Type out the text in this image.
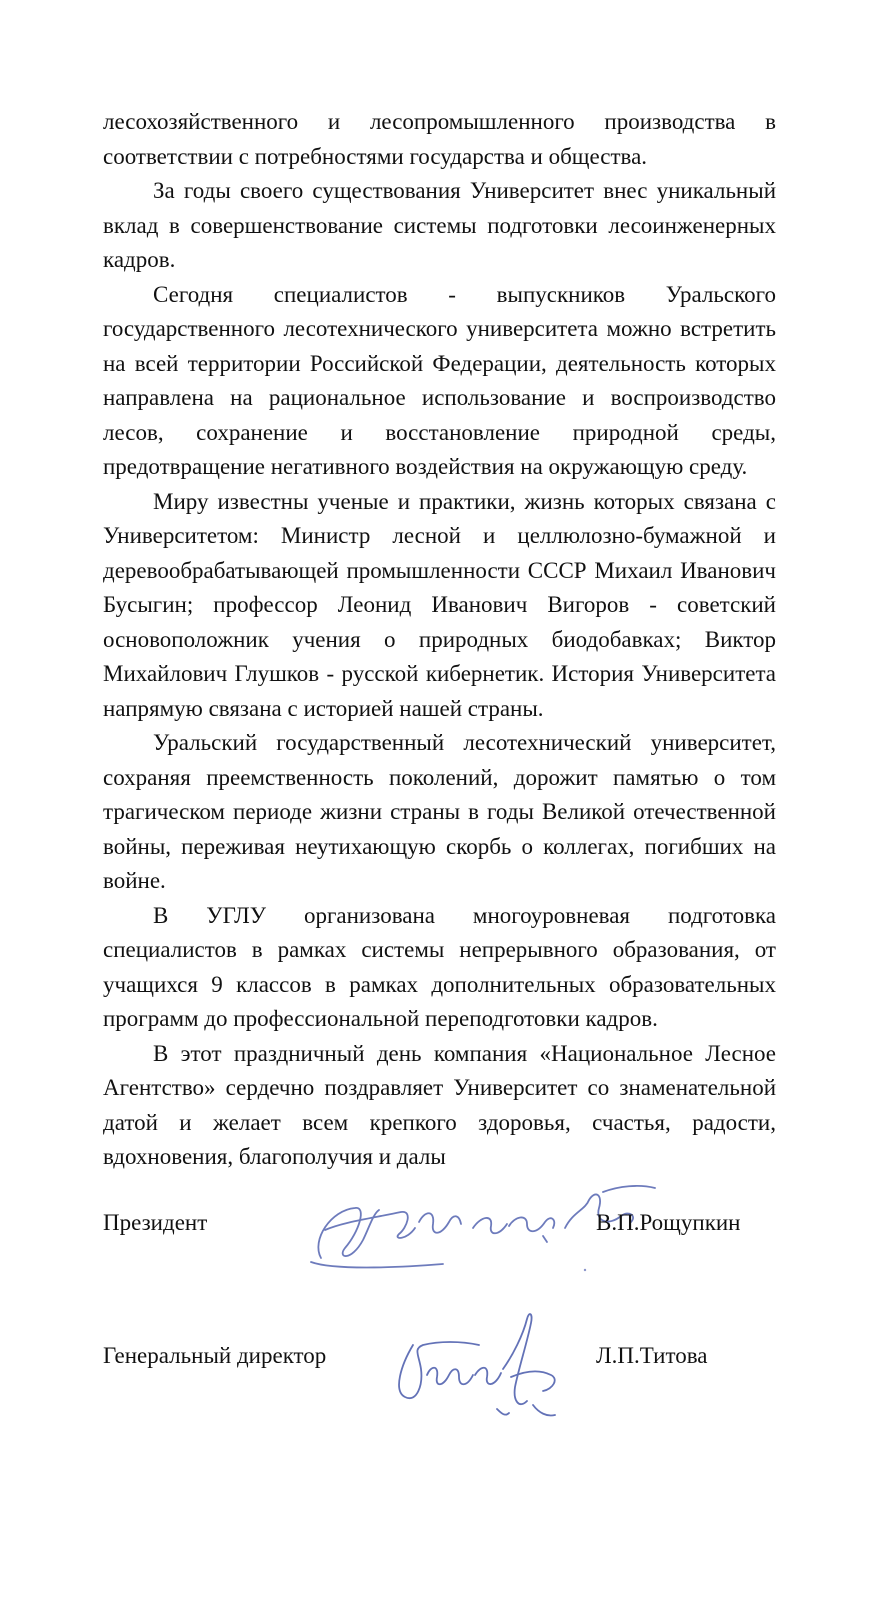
лесохозяйственного и лесопромышленного производства в соответствии с потребностями государства и общества.

За годы своего существования Университет внес уникальный вклад в совершенствование системы подготовки лесоинженерных кадров.

Сегодня специалистов - выпускников Уральского государственного лесотехнического университета можно встретить на всей территории Российской Федерации, деятельность которых направлена на рациональное использование и воспроизводство лесов, сохранение и восстановление природной среды, предотвращение негативного воздействия на окружающую среду.

Миру известны ученые и практики, жизнь которых связана с Университетом: Министр лесной и целлюлозно-бумажной и деревообрабатывающей промышленности СССР Михаил Иванович Бусыгин; профессор Леонид Иванович Вигоров - советский основоположник учения о природных биодобавках; Виктор Михайлович Глушков - русской кибернетик. История Университета напрямую связана с историей нашей страны.

Уральский государственный лесотехнический университет, сохраняя преемственность поколений, дорожит памятью о том трагическом периоде жизни страны в годы Великой отечественной войны, переживая неутихающую скорбь о коллегах, погибших на войне.

В УГЛУ организована многоуровневая подготовка специалистов в рамках системы непрерывного образования, от учащихся 9 классов в рамках дополнительных образовательных программ до профессиональной переподготовки кадров.

В этот праздничный день компания «Национальное Лесное Агентство» сердечно поздравляет Университет со знаменательной датой и желает всем крепкого здоровья, счастья, радости, вдохновения, благополучия и далы

Президент	В.П.Рощупкин
Генеральный директор	Л.П.Титова
